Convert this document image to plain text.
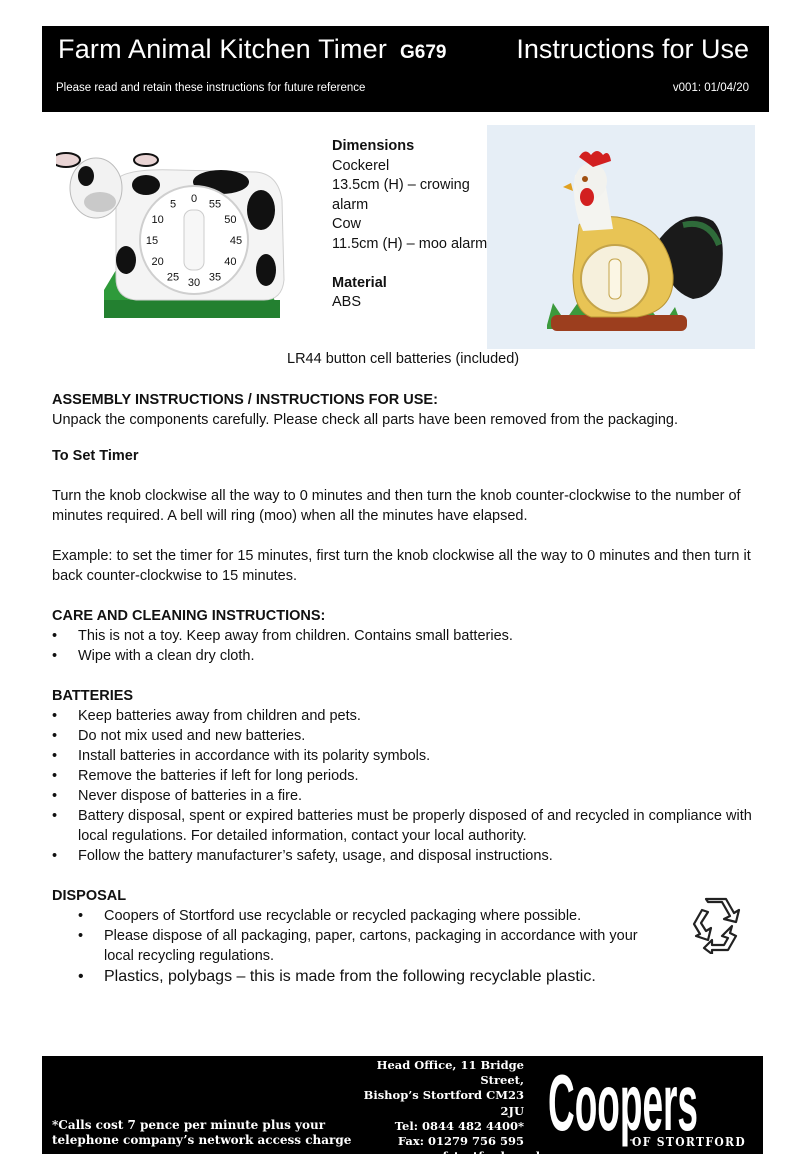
Farm Animal Kitchen Timer G679	Instructions for Use
Please read and retain these instructions for future reference	v001: 01/04/20
0 55
50
45
40
35
30
25
20
15
10
5
Dimensions
Cockerel
13.5cm (H) – crowing alarm
Cow
11.5cm (H) – moo alarm
Material
ABS
LR44 button cell batteries (included)

ASSEMBLY INSTRUCTIONS / INSTRUCTIONS FOR USE:

Unpack the components carefully. Please check all parts have been removed from the packaging.

To Set Timer

Turn the knob clockwise all the way to 0 minutes and then turn the knob counter-clockwise to the number of minutes required. A bell will ring (moo) when all the minutes have elapsed.

Example: to set the timer for 15 minutes, first turn the knob clockwise all the way to 0 minutes and then turn it back counter-clockwise to 15 minutes.

CARE AND CLEANING INSTRUCTIONS:

• This is not a toy. Keep away from children. Contains small batteries.
• Wipe with a clean dry cloth.

BATTERIES

• Keep batteries away from children and pets.
• Do not mix used and new batteries.
• Install batteries in accordance with its polarity symbols.
• Remove the batteries if left for long periods.
• Never dispose of batteries in a fire.
• Battery disposal, spent or expired batteries must be properly disposed of and recycled in compliance with local regulations. For detailed information, contact your local authority.
• Follow the battery manufacturer’s safety, usage, and disposal instructions.

DISPOSAL

• Coopers of Stortford use recyclable or recycled packaging where possible.
• Please dispose of all packaging, paper, cartons, packaging in accordance with your local recycling regulations.
• Plastics, polybags – this is made from the following recyclable plastic.
Head Office, 11 Bridge Street,
Bishop’s Stortford CM23 2JU
Tel: 0844 482 4400*
Fax: 01279 756 595
www.coopersofstortford.co.uk
*Calls cost 7 pence per minute plus your
telephone company’s network access charge Coopers
OF STORTFORD
